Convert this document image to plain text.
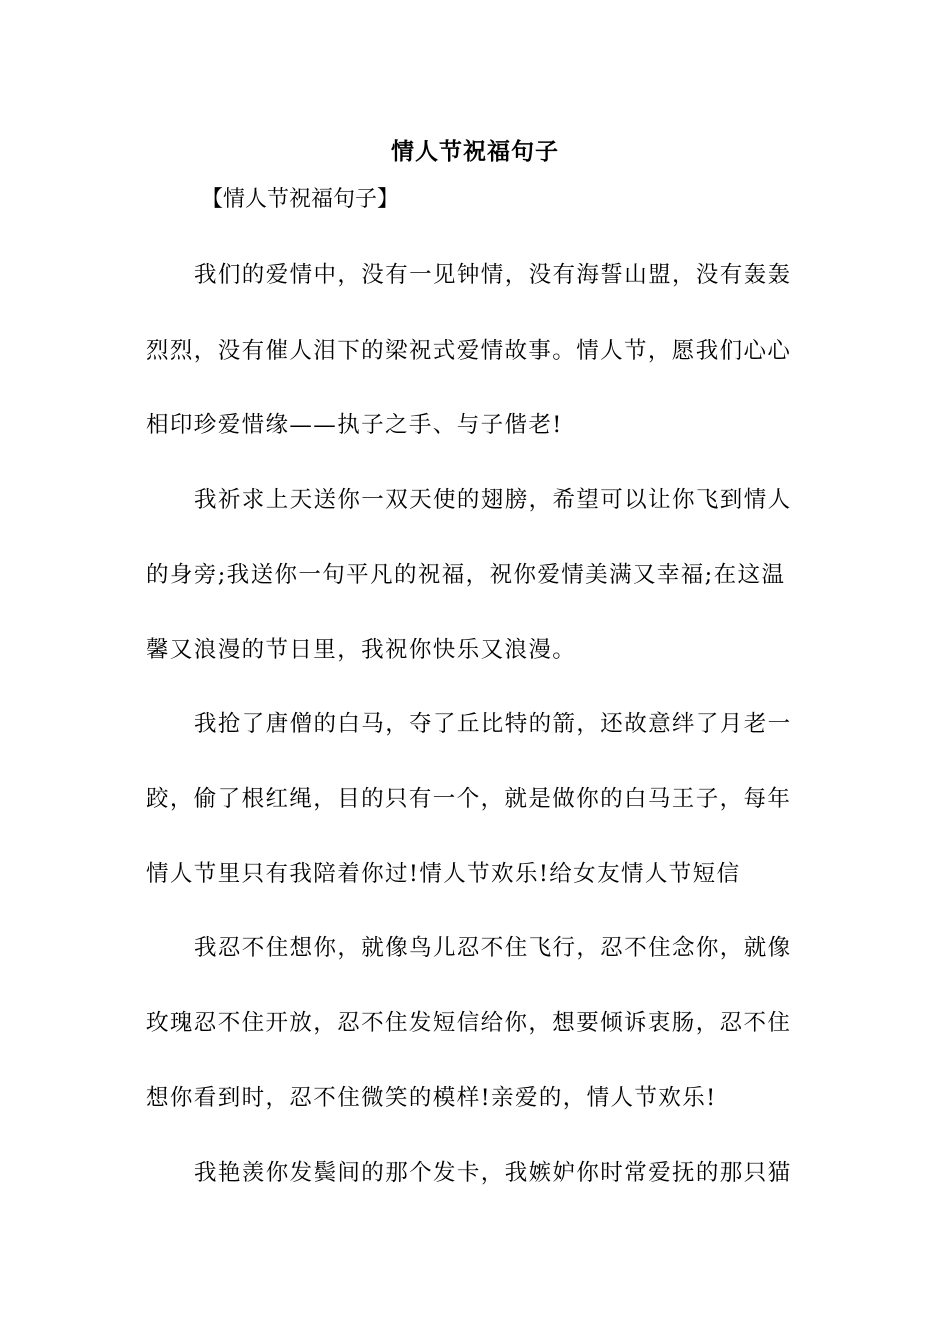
情人节祝福句子
【情人节祝福句子】
我们的爱情中，没有一见钟情，没有海誓山盟，没有轰轰
烈烈，没有催人泪下的梁祝式爱情故事。情人节，愿我们心心
相印珍爱惜缘——执子之手、与子偕老!
我祈求上天送你一双天使的翅膀，希望可以让你飞到情人
的身旁;我送你一句平凡的祝福，祝你爱情美满又幸福;在这温
馨又浪漫的节日里，我祝你快乐又浪漫。
我抢了唐僧的白马，夺了丘比特的箭，还故意绊了月老一
跤，偷了根红绳，目的只有一个，就是做你的白马王子，每年
情人节里只有我陪着你过!情人节欢乐!给女友情人节短信
我忍不住想你，就像鸟儿忍不住飞行，忍不住念你，就像
玫瑰忍不住开放，忍不住发短信给你，想要倾诉衷肠，忍不住
想你看到时，忍不住微笑的模样!亲爱的，情人节欢乐!
我艳羡你发鬓间的那个发卡，我嫉妒你时常爱抚的那只猫
